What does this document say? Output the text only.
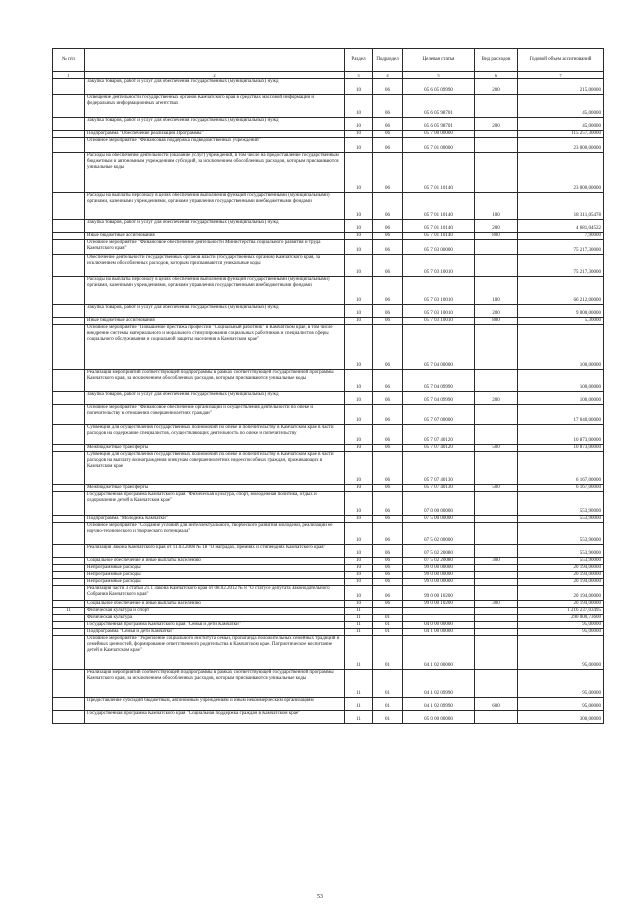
№ п/п		Раздел	Подраздел	Целевая статья	Вид расходов	Годовой объем ассигнований
1	2	3	4	5	6	7
	Закупка товаров, работ и услуг для обеспечения государственных (муниципальных) нужд	10	06	05 6 05 09990	200	215,00000
	Освещение деятельности государственных органов Камчатского края в средствах массовой информации и федеральных информационных агентствах	10	06	05 6 05 98701		45,00000
	Закупка товаров, работ и услуг для обеспечения государственных (муниципальных) нужд	10	06	05 6 05 98701	200	45,00000
	Подпрограмма "Обеспечение реализации Программы"	10	06	05 7 00 00000		115 257,30000
	Основное мероприятие "Финансовая поддержка подведомственных учреждений"	10	06	05 7 01 00000		23 000,00000
	Расходы на обеспечение деятельности (оказание услуг) учреждений, в том числе на предоставление государственным бюджетным и автономным учреждениям субсидий, за исключением обособленных расходов, которым присваиваются уникальные коды	10	06	05 7 01 10140		23 000,00000
	Расходы на выплаты персоналу в целях обеспечения выполнения функций государственными (муниципальными) органами, казенными учреждениями, органами управления государственными внебюджетными фондами	10	06	05 7 01 10140	100	18 311,05478
	Закупка товаров, работ и услуг для обеспечения государственных (муниципальных) нужд	10	06	05 7 01 10140	200	4 681,04522
	Иные бюджетные ассигнования	10	06	05 7 01 10140	800	7,90000
	Основное мероприятие "Финансовое обеспечение деятельности Министерства социального развития и труда Камчатского края"	10	06	05 7 03 00000		75 217,30000
	Обеспечение деятельности государственных органов власти (государственных органов) Камчатского края, за исключением обособленных расходов, которым присваиваются уникальные коды	10	06	05 7 03 10010		75 217,30000
	Расходы на выплаты персоналу в целях обеспечения выполнения функций государственными (муниципальными) органами, казенными учреждениями, органами управления государственными внебюджетными фондами	10	06	05 7 03 10010	100	66 212,00000
	Закупка товаров, работ и услуг для обеспечения государственных (муниципальных) нужд	10	06	05 7 03 10010	200	9 000,00000
	Иные бюджетные ассигнования	10	06	05 7 03 10010	800	5,30000
	Основное мероприятие "Повышение престижа профессии "Социальный работник" в Камчатском крае, в том числе внедрение системы материального и морального стимулирования социальных работников и специалистов сферы социального обслуживания и социальной защиты населения в Камчатском крае"	10	06	05 7 04 00000		100,00000
	Реализация мероприятий соответствующей подпрограммы в рамках соответствующей государственной программы Камчатского края, за исключением обособленных расходов, которым присваиваются уникальные коды	10	06	05 7 04 09990		100,00000
	Закупка товаров, работ и услуг для обеспечения государственных (муниципальных) нужд	10	06	05 7 04 09990	200	100,00000
	Основное мероприятие "Финансовое обеспечение организации и осуществления деятельности по опеке и попечительству в отношении совершеннолетних граждан"	10	06	05 7 07 00000		17 040,00000
	Субвенции для осуществления государственных полномочий по опеке и попечительству в Камчатском крае в части расходов на содержание специалистов, осуществляющих деятельность по опеке и попечительству	10	06	05 7 07 40120		10 873,00000
	Межбюджетные трансферты	10	06	05 7 07 40120	500	10 873,00000
	Субвенции для осуществления государственных полномочий по опеке и попечительству в Камчатском крае в части расходов на выплату вознаграждения опекунам совершеннолетних недееспособных граждан, проживающих в Камчатском крае	10	06	05 7 07 40130		6 167,00000
	Межбюджетные трансферты	10	06	05 7 07 40130	500	6 167,00000
	Государственная программа Камчатского края "Физическая культура, спорт, молодежная политика, отдых и оздоровление детей в Камчатском крае"	10	06	07 0 00 00000		553,90000
	Подпрограмма "Молодежь Камчатки"	10	06	07 5 00 00000		553,90000
	Основное мероприятие "Создание условий для интеллектуального, творческого развития молодежи, реализации ее научно-технического и творческого потенциала"	10	06	07 5 02 00000		553,90000
	Реализация Закона Камчатского края от 11.03.2008 № 18 "О наградах, премиях и стипендиях Камчатского края"	10	06	07 5 02 20080		553,90000
	Социальное обеспечение и иные выплаты населению	10	06	07 5 02 20080	300	553,90000
	Непрограммные расходы	10	06	99 0 00 00000		20 194,00000
	Непрограммные расходы	10	06	99 0 00 00000		20 194,00000
	Непрограммные расходы	10	06	99 0 00 00000		20 194,00000
	Реализация части 3 статьи 21.1 Закона Камчатского края от 08.02.2012 № 8 "О статусе депутата Законодательного Собрания Камчатского края"	10	06	99 0 00 10200		20 194,00000
	Социальное обеспечение и иные выплаты населению	10	06	99 0 00 10200	300	20 194,00000
11	Физическая культура и спорт	11				1 216 237,03495
	Физическая культура	11	01			290 000,73600
	Государственная программа Камчатского края "Семья и дети Камчатки"	11	01	04 0 00 00000		95,00000
	Подпрограмма "Семья и дети Камчатки"	11	01	04 1 00 00000		95,00000
	Основное мероприятие "Укрепление социального института семьи, пропаганда положительных семейных традиций и семейных ценностей, формирование ответственного родительства в Камчатском крае. Патриотическое воспитание детей в Камчатском крае"	11	01	04 1 02 00000		95,00000
	Реализация мероприятий соответствующей подпрограммы в рамках соответствующей государственной программы Камчатского края, за исключением обособленных расходов, которым присваиваются уникальные коды	11	01	04 1 02 09990		95,00000
	Предоставление субсидий бюджетным, автономным учреждениям и иным некоммерческим организациям	11	01	04 1 02 09990	600	95,00000
	Государственная программа Камчатского края "Социальная поддержка граждан в Камчатском крае"	11	01	05 0 00 00000		300,00000
53
